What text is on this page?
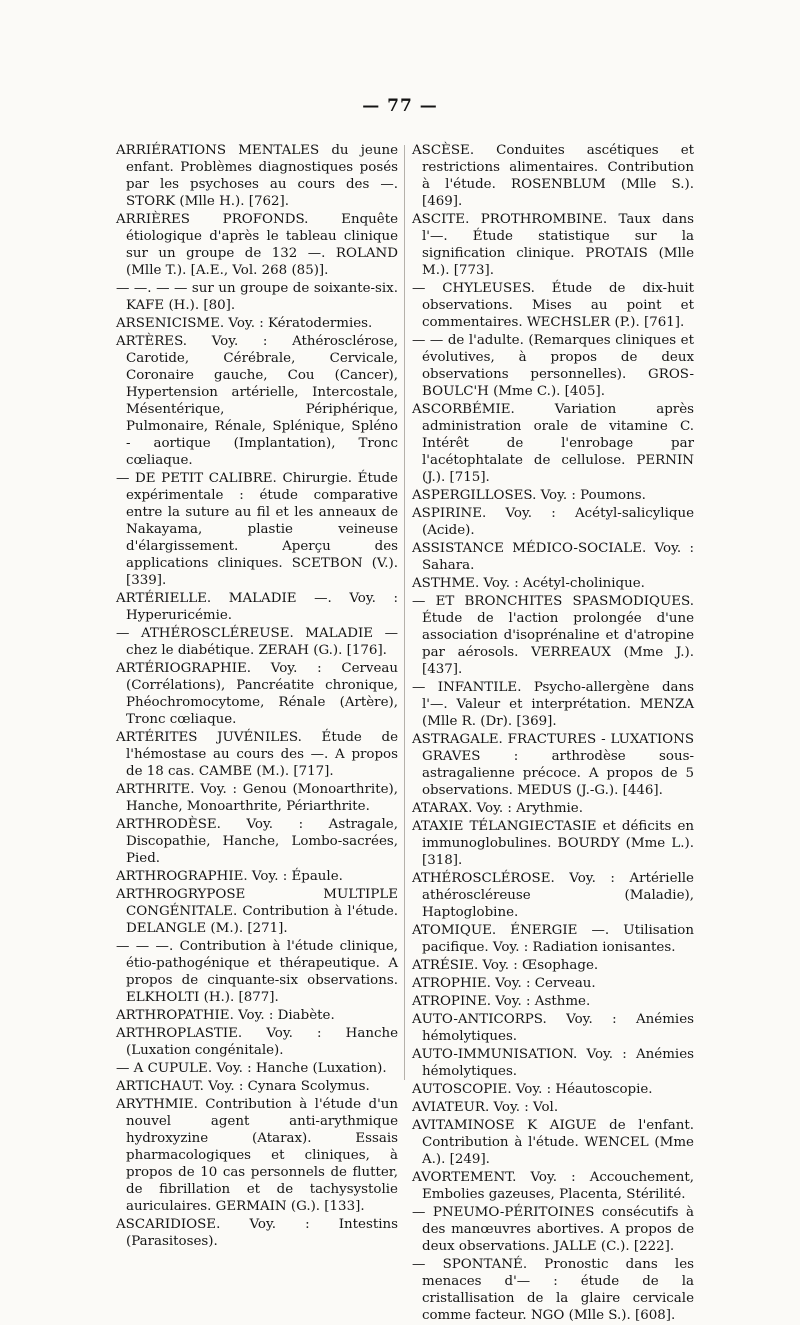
— 77 —

ARRIÉRATIONS MENTALES du jeune enfant. Problèmes diagnostiques posés par les psychoses au cours des —. STORK (Mlle H.). [762].

ARRIÈRES PROFONDS. Enquête étiologique d'après le tableau clinique sur un groupe de 132 —. ROLAND (Mlle T.). [A.E., Vol. 268 (85)].

— —. — — sur un groupe de soixante-six. KAFE (H.). [80].

ARSENICISME. Voy. : Kératodermies.

ARTÈRES. Voy. : Athérosclérose, Carotide, Cérébrale, Cervicale, Coronaire gauche, Cou (Cancer), Hypertension artérielle, Intercostale, Mésentérique, Périphérique, Pulmonaire, Rénale, Splénique, Spléno - aortique (Implantation), Tronc cœliaque.

— DE PETIT CALIBRE. Chirurgie. Étude expérimentale : étude comparative entre la suture au fil et les anneaux de Nakayama, plastie veineuse d'élargissement. Aperçu des applications cliniques. SCETBON (V.). [339].

ARTÉRIELLE. MALADIE —. Voy. : Hyperuricémie.

— ATHÉROSCLÉREUSE. MALADIE — chez le diabétique. ZERAH (G.). [176].

ARTÉRIOGRAPHIE. Voy. : Cerveau (Corrélations), Pancréatite chronique, Phéochromocytome, Rénale (Artère), Tronc cœliaque.

ARTÉRITES JUVÉNILES. Étude de l'hémostase au cours des —. A propos de 18 cas. CAMBE (M.). [717].

ARTHRITE. Voy. : Genou (Monoarthrite), Hanche, Monoarthrite, Périarthrite.

ARTHRODÈSE. Voy. : Astragale, Discopathie, Hanche, Lombo-sacrées, Pied.

ARTHROGRAPHIE. Voy. : Épaule.

ARTHROGRYPOSE MULTIPLE CONGÉNITALE. Contribution à l'étude. DELANGLE (M.). [271].

— — —. Contribution à l'étude clinique, étio-pathogénique et thérapeutique. A propos de cinquante-six observations. ELKHOLTI (H.). [877].

ARTHROPATHIE. Voy. : Diabète.

ARTHROPLASTIE. Voy. : Hanche (Luxation congénitale).

— A CUPULE. Voy. : Hanche (Luxation).

ARTICHAUT. Voy. : Cynara Scolymus.

ARYTHMIE. Contribution à l'étude d'un nouvel agent anti-arythmique hydroxyzine (Atarax). Essais pharmacologiques et cliniques, à propos de 10 cas personnels de flutter, de fibrillation et de tachysystolie auriculaires. GERMAIN (G.). [133].

ASCARIDIOSE. Voy. : Intestins (Parasitoses).

ASCÈSE. Conduites ascétiques et restrictions alimentaires. Contribution à l'étude. ROSENBLUM (Mlle S.). [469].

ASCITE. PROTHROMBINE. Taux dans l'—. Étude statistique sur la signification clinique. PROTAIS (Mlle M.). [773].

— CHYLEUSES. Étude de dix-huit observations. Mises au point et commentaires. WECHSLER (P.). [761].

— — de l'adulte. (Remarques cliniques et évolutives, à propos de deux observations personnelles). GROS-BOULC'H (Mme C.). [405].

ASCORBÉMIE. Variation après administration orale de vitamine C. Intérêt de l'enrobage par l'acétophtalate de cellulose. PERNIN (J.). [715].

ASPERGILLOSES. Voy. : Poumons.

ASPIRINE. Voy. : Acétyl-salicylique (Acide).

ASSISTANCE MÉDICO-SOCIALE. Voy. : Sahara.

ASTHME. Voy. : Acétyl-cholinique.

— ET BRONCHITES SPASMODIQUES. Étude de l'action prolongée d'une association d'isoprénaline et d'atropine par aérosols. VERREAUX (Mme J.). [437].

— INFANTILE. Psycho-allergène dans l'—. Valeur et interprétation. MENZA (Mlle R. (Dr). [369].

ASTRAGALE. FRACTURES - LUXATIONS GRAVES : arthrodèse sous-astragalienne précoce. A propos de 5 observations. MEDUS (J.-G.). [446].

ATARAX. Voy. : Arythmie.

ATAXIE TÉLANGIECTASIE et déficits en immunoglobulines. BOURDY (Mme L.). [318].

ATHÉROSCLÉROSE. Voy. : Artérielle athéroscléreuse (Maladie), Haptoglobine.

ATOMIQUE. ÉNERGIE —. Utilisation pacifique. Voy. : Radiation ionisantes.

ATRÉSIE. Voy. : Œsophage.

ATROPHIE. Voy. : Cerveau.

ATROPINE. Voy. : Asthme.

AUTO-ANTICORPS. Voy. : Anémies hémolytiques.

AUTO-IMMUNISATION. Voy. : Anémies hémolytiques.

AUTOSCOPIE. Voy. : Héautoscopie.

AVIATEUR. Voy. : Vol.

AVITAMINOSE K AIGUE de l'enfant. Contribution à l'étude. WENCEL (Mme A.). [249].

AVORTEMENT. Voy. : Accouchement, Embolies gazeuses, Placenta, Stérilité.

— PNEUMO-PÉRITOINES consécutifs à des manœuvres abortives. A propos de deux observations. JALLE (C.). [222].

— SPONTANÉ. Pronostic dans les menaces d'— : étude de la cristallisation de la glaire cervicale comme facteur. NGO (Mlle S.). [608].
